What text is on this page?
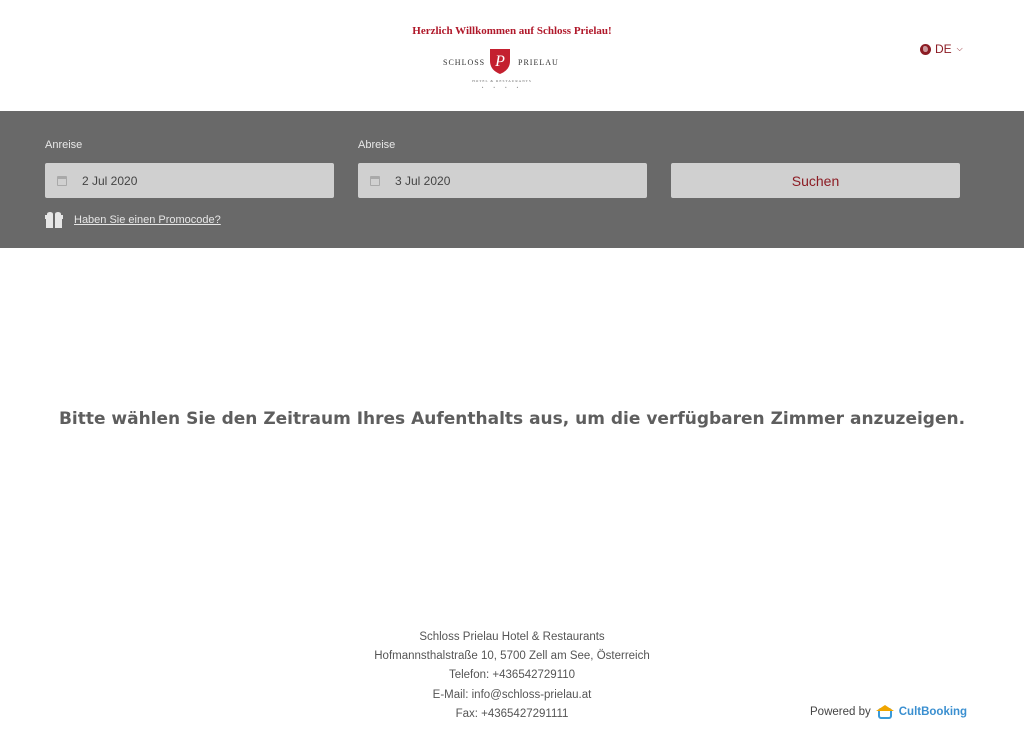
Herzlich Willkommen auf Schloss Prielau!
SCHLOSS P PRIELAU
HOTEL & RESTAURANTS
• • • •
DE ⌵
Anreise
2 Jul 2020
Abreise
3 Jul 2020	Suchen
Haben Sie einen Promocode?
Bitte wählen Sie den Zeitraum Ihres Aufenthalts aus, um die verfügbaren Zimmer anzuzeigen.
Schloss Prielau Hotel & Restaurants
Hofmannsthalstraße 10, 5700 Zell am See, Österreich
Telefon: +436542729110
E-Mail: info@schloss-prielau.at
Fax: +4365427291111	Powered by CultBooking
